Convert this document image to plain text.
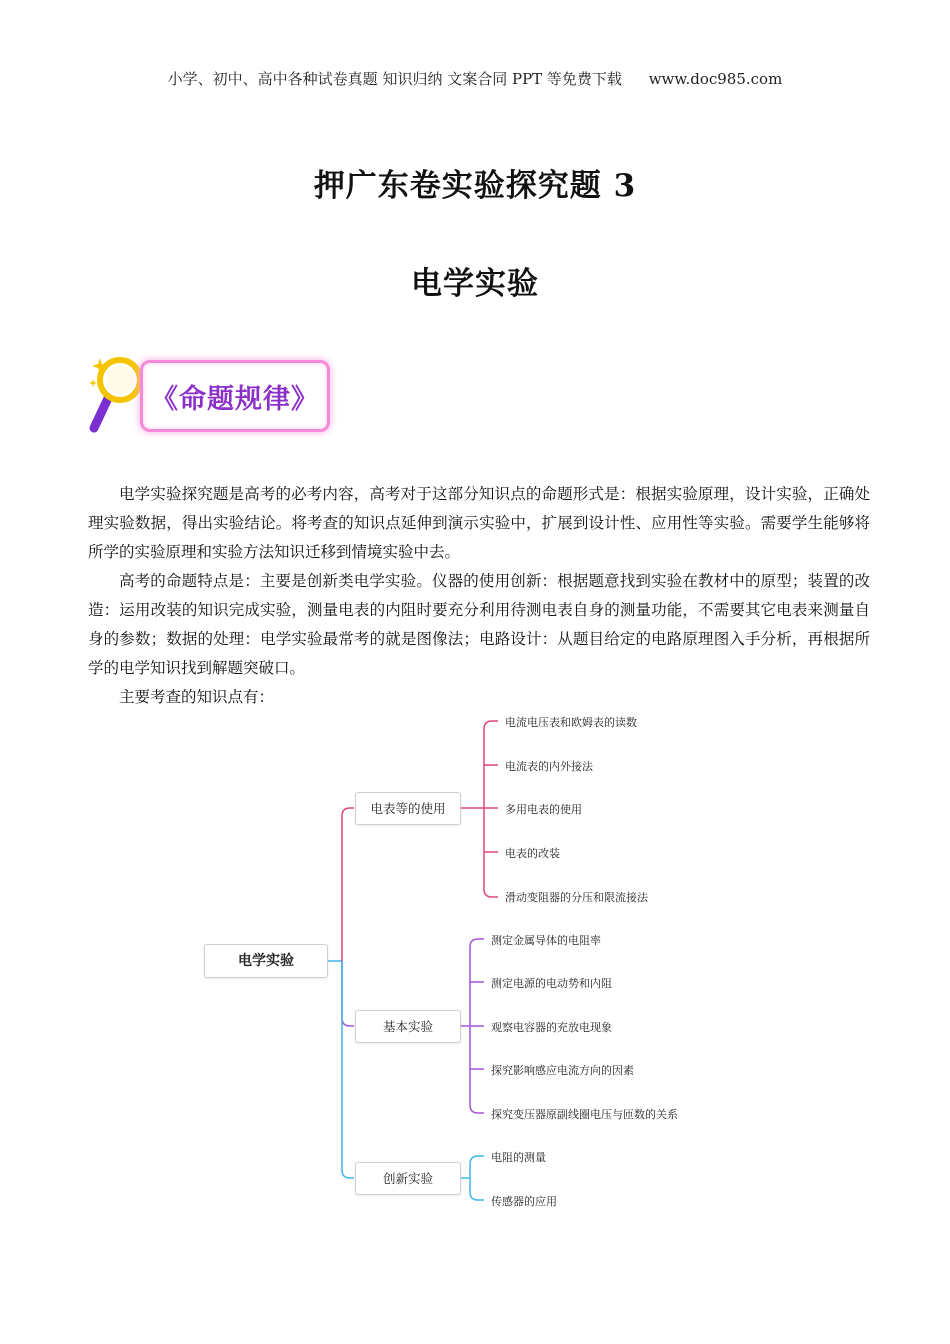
小学、初中、高中各种试卷真题 知识归纳 文案合同 PPT 等免费下载 www.doc985.com
押广东卷实验探究题 3
电学实验
《命题规律》

电学实验探究题是高考的必考内容，高考对于这部分知识点的命题形式是：根据实验原理，设计实验，正确处理实验数据，得出实验结论。将考查的知识点延伸到演示实验中，扩展到设计性、应用性等实验。需要学生能够将所学的实验原理和实验方法知识迁移到情境实验中去。

高考的命题特点是：主要是创新类电学实验。仪器的使用创新：根据题意找到实验在教材中的原型；装置的改造：运用改装的知识完成实验，测量电表的内阻时要充分利用待测电表自身的测量功能，不需要其它电表来测量自身的参数；数据的处理：电学实验最常考的就是图像法；电路设计：从题目给定的电路原理图入手分析，再根据所学的电学知识找到解题突破口。

主要考查的知识点有：

电学实验
电表等的使用
基本实验
创新实验
电流电压表和欧姆表的读数
电流表的内外接法
多用电表的使用
电表的改装
滑动变阻器的分压和限流接法
测定金属导体的电阻率
测定电源的电动势和内阻
观察电容器的充放电现象
探究影响感应电流方向的因素
探究变压器原副线圈电压与匝数的关系
电阻的测量
传感器的应用
